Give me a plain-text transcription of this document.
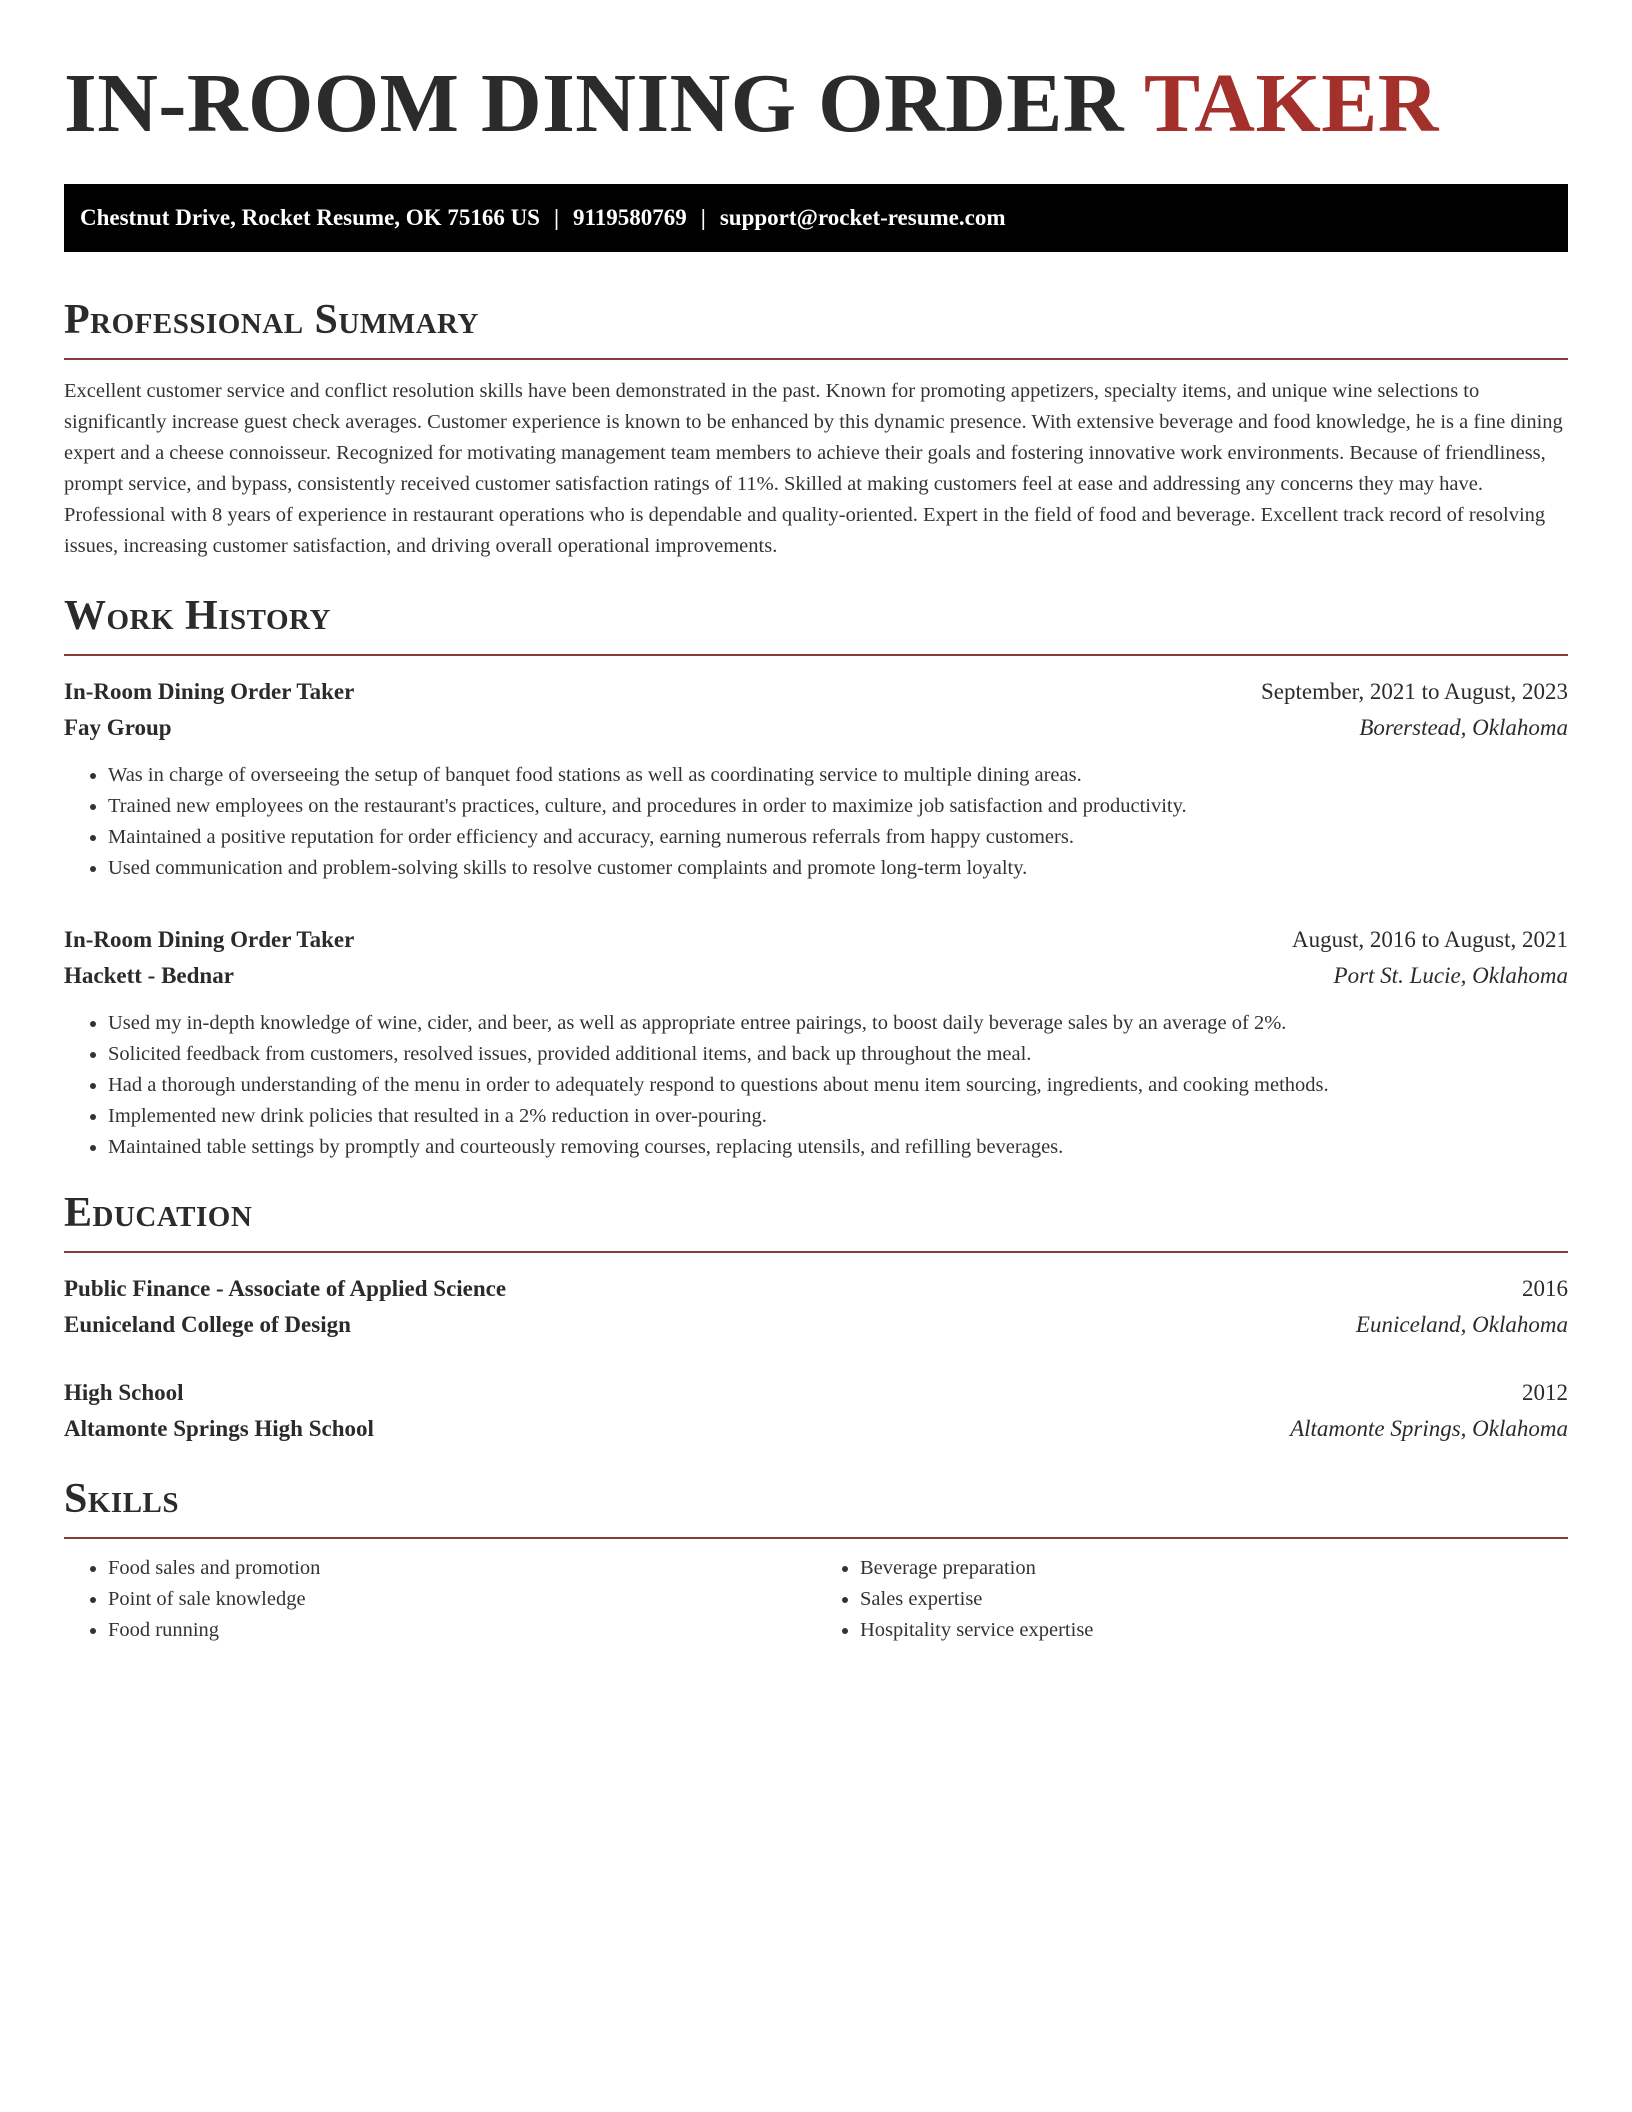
IN-ROOM DINING ORDER TAKER
Chestnut Drive, Rocket Resume, OK 75166 US | 9119580769 | support@rocket-resume.com
Professional Summary

Excellent customer service and conflict resolution skills have been demonstrated in the past. Known for promoting appetizers, specialty items, and unique wine selections to significantly increase guest check averages. Customer experience is known to be enhanced by this dynamic presence. With extensive beverage and food knowledge, he is a fine dining expert and a cheese connoisseur. Recognized for motivating management team members to achieve their goals and fostering innovative work environments. Because of friendliness, prompt service, and bypass, consistently received customer satisfaction ratings of 11%. Skilled at making customers feel at ease and addressing any concerns they may have. Professional with 8 years of experience in restaurant operations who is dependable and quality-oriented. Expert in the field of food and beverage. Excellent track record of resolving issues, increasing customer satisfaction, and driving overall operational improvements.

Work History
In-Room Dining Order Taker	September, 2021 to August, 2023
Fay Group	Borerstead, Oklahoma
• Was in charge of overseeing the setup of banquet food stations as well as coordinating service to multiple dining areas.
• Trained new employees on the restaurant's practices, culture, and procedures in order to maximize job satisfaction and productivity.
• Maintained a positive reputation for order efficiency and accuracy, earning numerous referrals from happy customers.
• Used communication and problem-solving skills to resolve customer complaints and promote long-term loyalty.
In-Room Dining Order Taker	August, 2016 to August, 2021
Hackett - Bednar	Port St. Lucie, Oklahoma
• Used my in-depth knowledge of wine, cider, and beer, as well as appropriate entree pairings, to boost daily beverage sales by an average of 2%.
• Solicited feedback from customers, resolved issues, provided additional items, and back up throughout the meal.
• Had a thorough understanding of the menu in order to adequately respond to questions about menu item sourcing, ingredients, and cooking methods.
• Implemented new drink policies that resulted in a 2% reduction in over-pouring.
• Maintained table settings by promptly and courteously removing courses, replacing utensils, and refilling beverages.
Education
Public Finance - Associate of Applied Science	2016
Euniceland College of Design	Euniceland, Oklahoma
High School	2012
Altamonte Springs High School	Altamonte Springs, Oklahoma
Skills
• Food sales and promotion
• Point of sale knowledge
• Food running
• Beverage preparation
• Sales expertise
• Hospitality service expertise
